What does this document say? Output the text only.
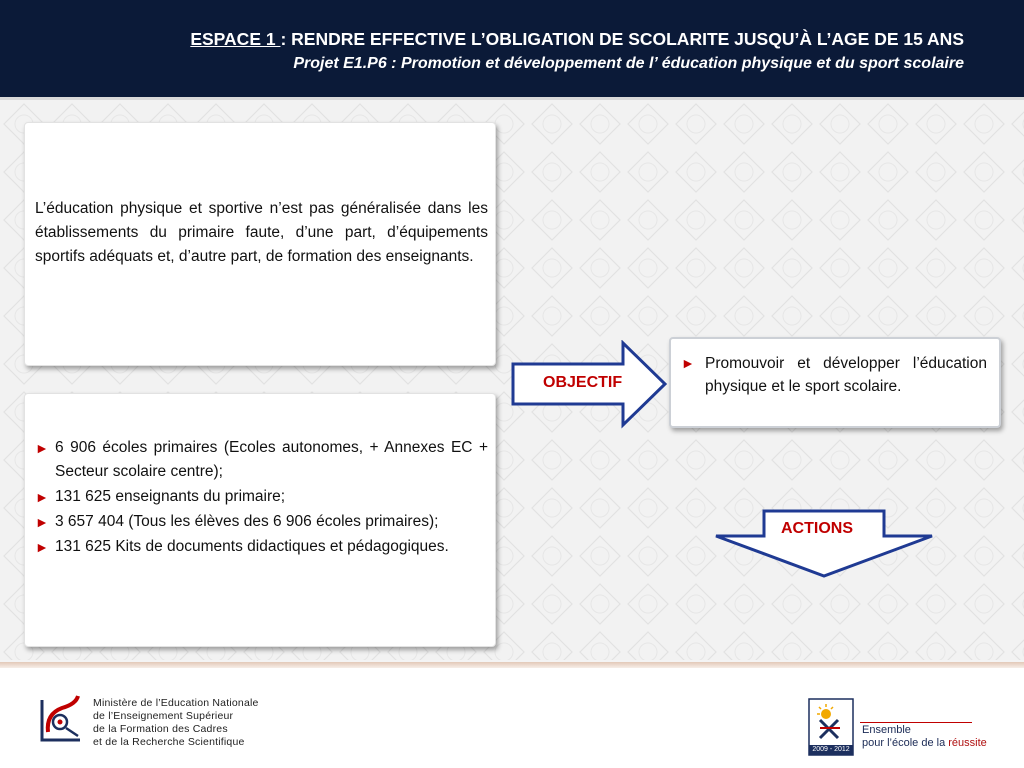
ESPACE 1 : RENDRE EFFECTIVE L’OBLIGATION DE SCOLARITE JUSQU’À L’AGE DE 15 ANS
Projet E1.P6 : Promotion et développement de l’ éducation physique et du sport scolaire
L’éducation physique et sportive n’est pas généralisée dans les établissements du primaire faute, d’une part, d’équipements sportifs adéquats et, d’autre part, de formation des enseignants.
► 6 906 écoles primaires (Ecoles autonomes, + Annexes EC + Secteur scolaire centre);
► 131 625 enseignants du primaire;
► 3 657 404 (Tous les élèves des 6 906 écoles primaires);
► 131 625 Kits de documents didactiques et pédagogiques.
OBJECTIF
► Promouvoir et développer l’éducation physique et le sport scolaire.
ACTIONS
Ministère de l’Education Nationale
de l’Enseignement Supérieur
de la Formation des Cadres
et de la Recherche Scientifique
2009 - 2012
Ensemble
pour l’école de la réussite
